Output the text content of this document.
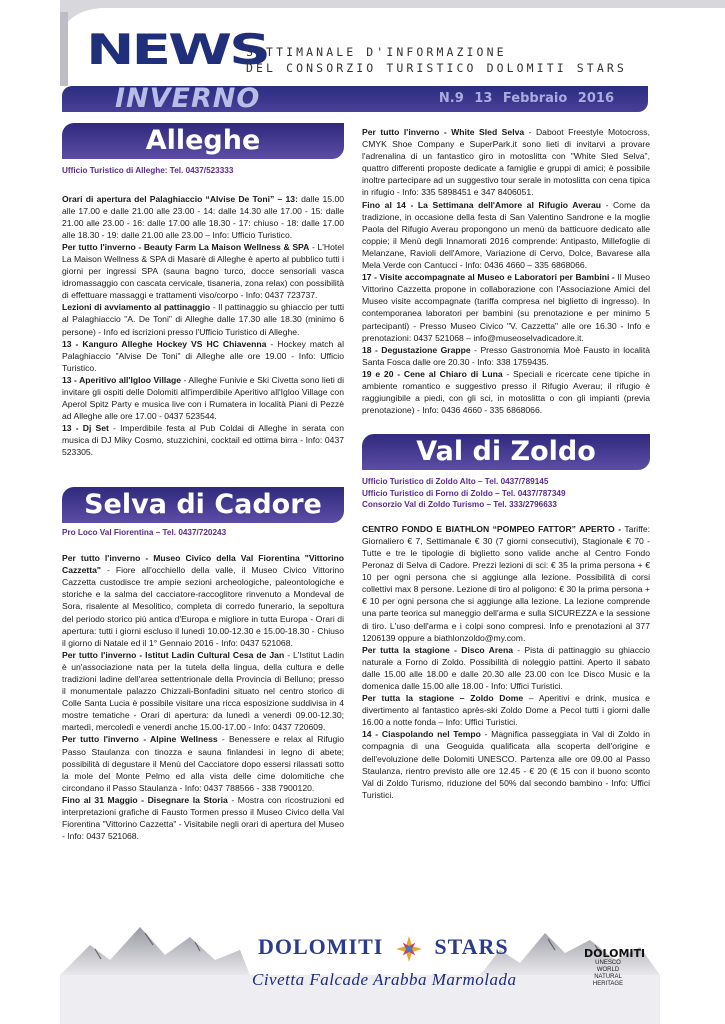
NEWS
SETTIMANALE D'INFORMAZIONE
DEL CONSORZIO TURISTICO DOLOMITI STARS
INVERNO	N.9 13 Febbraio 2016
Alleghe
Ufficio Turistico di Alleghe: Tel. 0437/523333

Orari di apertura del Palaghiaccio “Alvise De Toni” – 13: dalle 15.00 alle 17.00 e dalle 21.00 alle 23.00 - 14: dalle 14.30 alle 17.00 - 15: dalle 21.00 alle 23.00 - 16: dalle 17.00 alle 18.30 - 17: chiuso - 18: dalle 17.00 alle 18.30 - 19: dalle 21.00 alle 23.00 – Info: Ufficio Turistico.

Per tutto l'inverno - Beauty Farm La Maison Wellness & SPA - L'Hotel La Maison Wellness & SPA di Masarè di Alleghe è aperto al pubblico tutti i giorni per ingressi SPA (sauna bagno turco, docce sensoriali vasca idromassaggio con cascata cervicale, tisaneria, zona relax) con possibilità di effettuare massaggi e trattamenti viso/corpo - Info: 0437 723737.

Lezioni di avviamento al pattinaggio - Il pattinaggio su ghiaccio per tutti al Palaghiaccio "A. De Toni" di Alleghe dalle 17.30 alle 18.30 (minimo 6 persone) - Info ed iscrizioni presso l'Ufficio Turistico di Alleghe.

13 - Kanguro Alleghe Hockey VS HC Chiavenna - Hockey match al Palaghiaccio "Alvise De Toni" di Alleghe alle ore 19.00 - Info: Ufficio Turistico.

13 - Aperitivo all'Igloo Village - Alleghe Funivie e Ski Civetta sono lieti di invitare gli ospiti delle Dolomiti all'imperdibile Aperitivo all'Igloo Village con Aperol Spitz Party e musica live con i Rumatera in località Piani di Pezzè ad Alleghe alle ore 17.00 - 0437 523544.

13 - Dj Set - Imperdibile festa al Pub Coldai di Alleghe in serata con musica di DJ Miky Cosmo, stuzzichini, cocktail ed ottima birra - Info: 0437 523305.

Selva di Cadore
Pro Loco Val Fiorentina – Tel. 0437/720243

Per tutto l'inverno - Museo Civico della Val Fiorentina "Vittorino Cazzetta" - Fiore all'occhiello della valle, il Museo Civico Vittorino Cazzetta custodisce tre ampie sezioni archeologiche, paleontologiche e storiche e la salma del cacciatore-raccoglitore rinvenuto a Mondeval de Sora, risalente al Mesolitico, completa di corredo funerario, la sepoltura del periodo storico più antica d'Europa e migliore in tutta Europa - Orari di apertura: tutti i giorni escluso il lunedì 10.00-12.30 e 15.00-18.30 - Chiuso il giorno di Natale ed il 1° Gennaio 2016 - Info: 0437 521068.

Per tutto l'inverno - Istitut Ladin Cultural Cesa de Jan - L'Istitut Ladin è un'associazione nata per la tutela della lingua, della cultura e delle tradizioni ladine dell'area settentrionale della Provincia di Belluno; presso il monumentale palazzo Chizzali-Bonfadini situato nel centro storico di Colle Santa Lucia è possibile visitare una ricca esposizione suddivisa in 4 mostre tematiche - Orari di apertura: da lunedì a venerdì 09.00-12.30; martedì, mercoledì e venerdì anche 15.00-17.00 - Info: 0437 720609.

Per tutto l'inverno - Alpine Wellness - Benessere e relax al Rifugio Passo Staulanza con tinozza e sauna finlandesi in legno di abete; possibilità di degustare il Menù del Cacciatore dopo essersi rilassati sotto la mole del Monte Pelmo ed alla vista delle cime dolomitiche che circondano il Passo Staulanza - Info: 0437 788566 - 338 7900120.

Fino al 31 Maggio - Disegnare la Storia - Mostra con ricostruzioni ed interpretazioni grafiche di Fausto Tormen presso il Museo Civico della Val Fiorentina "Vittorino Cazzetta" - Visitabile negli orari di apertura del Museo - Info: 0437 521068.

Per tutto l'inverno - White Sled Selva - Daboot Freestyle Motocross, CMYK Shoe Company e SuperPark.it sono lieti di invitarvi a provare l'adrenalina di un fantastico giro in motoslitta con "White Sled Selva", quattro differenti proposte dedicate a famiglie e gruppi di amici; è possibile inoltre partecipare ad un suggestivo tour serale in motoslitta con cena tipica in rifugio - Info: 335 5898451 e 347 8406051.

Fino al 14 - La Settimana dell'Amore al Rifugio Averau - Come da tradizione, in occasione della festa di San Valentino Sandrone e la moglie Paola del Rifugio Averau propongono un menù da batticuore dedicato alle coppie; il Menù degli Innamorati 2016 comprende: Antipasto, Millefoglie di Melanzane, Ravioli dell'Amore, Variazione di Cervo, Dolce, Bavarese alla Mela Verde con Cantucci - Info: 0436 4660 – 335 6868066.

17 - Visite accompagnate al Museo e Laboratori per Bambini - Il Museo Vittorino Cazzetta propone in collaborazione con l'Associazione Amici del Museo visite accompagnate (tariffa compresa nel biglietto di ingresso). In contemporanea laboratori per bambini (su prenotazione e per minimo 5 partecipanti) - Presso Museo Civico "V. Cazzetta" alle ore 16.30 - Info e prenotazioni: 0437 521068 – info@museoselvadicadore.it.

18 - Degustazione Grappe - Presso Gastronomia Moè Fausto in località Santa Fosca dalle ore 20.30 - Info: 338 1759435.

19 e 20 - Cene al Chiaro di Luna - Speciali e ricercate cene tipiche in ambiente romantico e suggestivo presso il Rifugio Averau; il rifugio è raggiungibile a piedi, con gli sci, in motoslitta o con gli impianti (previa prenotazione) - Info: 0436 4660 - 335 6868066.

Val di Zoldo
Ufficio Turistico di Zoldo Alto – Tel. 0437/789145
Ufficio Turistico di Forno di Zoldo – Tel. 0437/787349
Consorzio Val di Zoldo Turismo – Tel. 333/2796633

CENTRO FONDO E BIATHLON “POMPEO FATTOR” APERTO - Tariffe: Giornaliero € 7, Settimanale € 30 (7 giorni consecutivi), Stagionale € 70 - Tutte e tre le tipologie di biglietto sono valide anche al Centro Fondo Peronaz di Selva di Cadore. Prezzi lezioni di sci: € 35 la prima persona + € 10 per ogni persona che si aggiunge alla lezione. Possibilità di corsi collettivi max 8 persone. Lezione di tiro al poligono: € 30 la prima persona + € 10 per ogni persona che si aggiunge alla lezione. La lezione comprende una parte teorica sul maneggio dell'arma e sulla SICUREZZA e la sessione di tiro. L'uso dell'arma e i colpi sono compresi. Info e prenotazioni al 377 1206139 oppure a biathlonzoldo@my.com.

Per tutta la stagione - Disco Arena - Pista di pattinaggio su ghiaccio naturale a Forno di Zoldo. Possibilità di noleggio pattini. Aperto il sabato dalle 15.00 alle 18.00 e dalle 20.30 alle 23.00 con Ice Disco Music e la domenica dalle 15.00 alle 18.00 - Info: Uffici Turistici.

Per tutta la stagione – Zoldo Dome – Aperitivi e drink, musica e divertimento al fantastico après-ski Zoldo Dome a Pecol tutti i giorni dalle 16.00 a notte fonda – Info: Uffici Turistici.

14 - Ciaspolando nel Tempo - Magnifica passeggiata in Val di Zoldo in compagnia di una Geoguida qualificata alla scoperta dell'origine e dell'evoluzione delle Dolomiti UNESCO. Partenza alle ore 09.00 al Passo Staulanza, rientro previsto alle ore 12.45 - € 20 (€ 15 con il buono sconto Val di Zoldo Turismo, riduzione del 50% dal secondo bambino - Info: Uffici Turistici.

DOLOMITI STARS
Civetta Falcade Arabba Marmolada
DOLOMITI
UNESCO WORLD NATURAL HERITAGE
